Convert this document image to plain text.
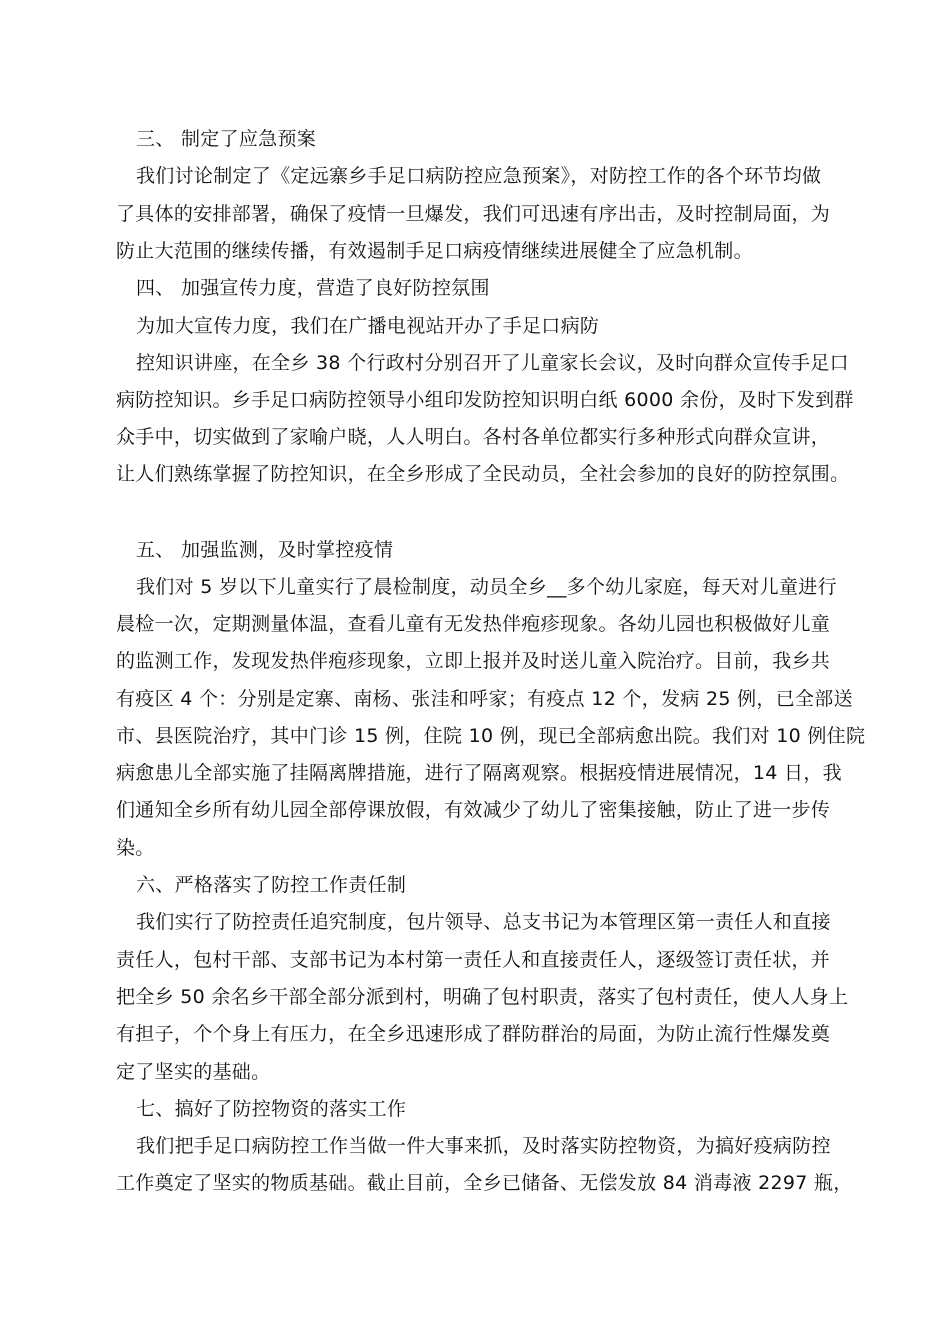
三、 制定了应急预案
我们讨论制定了《定远寨乡手足口病防控应急预案》，对防控工作的各个环节均做
了具体的安排部署，确保了疫情一旦爆发，我们可迅速有序出击，及时控制局面，为
防止大范围的继续传播，有效遏制手足口病疫情继续进展健全了应急机制。
四、 加强宣传力度，营造了良好防控氛围
为加大宣传力度，我们在广播电视站开办了手足口病防
控知识讲座，在全乡 38 个行政村分别召开了儿童家长会议，及时向群众宣传手足口
病防控知识。乡手足口病防控领导小组印发防控知识明白纸 6000 余份，及时下发到群
众手中，切实做到了家喻户晓，人人明白。各村各单位都实行多种形式向群众宣讲，
让人们熟练掌握了防控知识，在全乡形成了全民动员，全社会参加的良好的防控氛围。
五、 加强监测，及时掌控疫情
我们对 5 岁以下儿童实行了晨检制度，动员全乡__多个幼儿家庭，每天对儿童进行
晨检一次，定期测量体温，查看儿童有无发热伴疱疹现象。各幼儿园也积极做好儿童
的监测工作，发现发热伴疱疹现象，立即上报并及时送儿童入院治疗。目前，我乡共
有疫区 4 个：分别是定寨、南杨、张洼和呼家；有疫点 12 个，发病 25 例，已全部送
市、县医院治疗，其中门诊 15 例，住院 10 例，现已全部病愈出院。我们对 10 例住院
病愈患儿全部实施了挂隔离牌措施，进行了隔离观察。根据疫情进展情况，14 日，我
们通知全乡所有幼儿园全部停课放假，有效减少了幼儿了密集接触，防止了进一步传
染。
六、严格落实了防控工作责任制
我们实行了防控责任追究制度，包片领导、总支书记为本管理区第一责任人和直接
责任人，包村干部、支部书记为本村第一责任人和直接责任人，逐级签订责任状，并
把全乡 50 余名乡干部全部分派到村，明确了包村职责，落实了包村责任，使人人身上
有担子，个个身上有压力，在全乡迅速形成了群防群治的局面，为防止流行性爆发奠
定了坚实的基础。
七、搞好了防控物资的落实工作
我们把手足口病防控工作当做一件大事来抓，及时落实防控物资，为搞好疫病防控
工作奠定了坚实的物质基础。截止目前，全乡已储备、无偿发放 84 消毒液 2297 瓶，
